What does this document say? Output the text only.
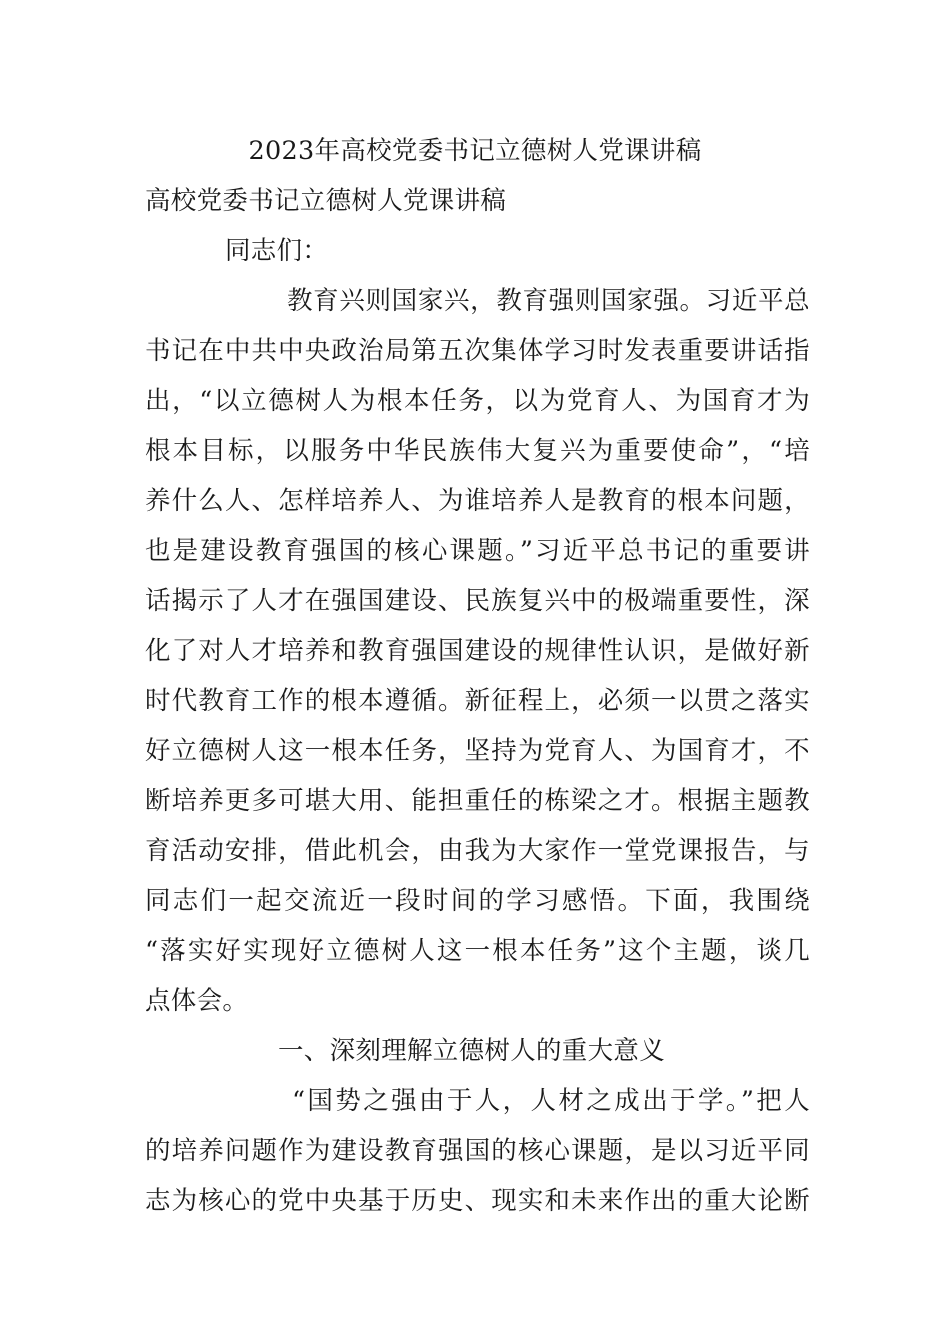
2023年高校党委书记立德树人党课讲稿
高校党委书记立德树人党课讲稿
同志们：
教育兴则国家兴，教育强则国家强。习近平总
书记在中共中央政治局第五次集体学习时发表重要讲话指
出，“以立德树人为根本任务，以为党育人、为国育才为
根本目标，以服务中华民族伟大复兴为重要使命”，“培
养什么人、怎样培养人、为谁培养人是教育的根本问题，
也是建设教育强国的核心课题。”习近平总书记的重要讲
话揭示了人才在强国建设、民族复兴中的极端重要性，深
化了对人才培养和教育强国建设的规律性认识，是做好新
时代教育工作的根本遵循。新征程上，必须一以贯之落实
好立德树人这一根本任务，坚持为党育人、为国育才，不
断培养更多可堪大用、能担重任的栋梁之才。根据主题教
育活动安排，借此机会，由我为大家作一堂党课报告，与
同志们一起交流近一段时间的学习感悟。下面，我围绕
“落实好实现好立德树人这一根本任务”这个主题，谈几
点体会。
一、深刻理解立德树人的重大意义
“国势之强由于人，人材之成出于学。”把人
的培养问题作为建设教育强国的核心课题，是以习近平同
志为核心的党中央基于历史、现实和未来作出的重大论断
